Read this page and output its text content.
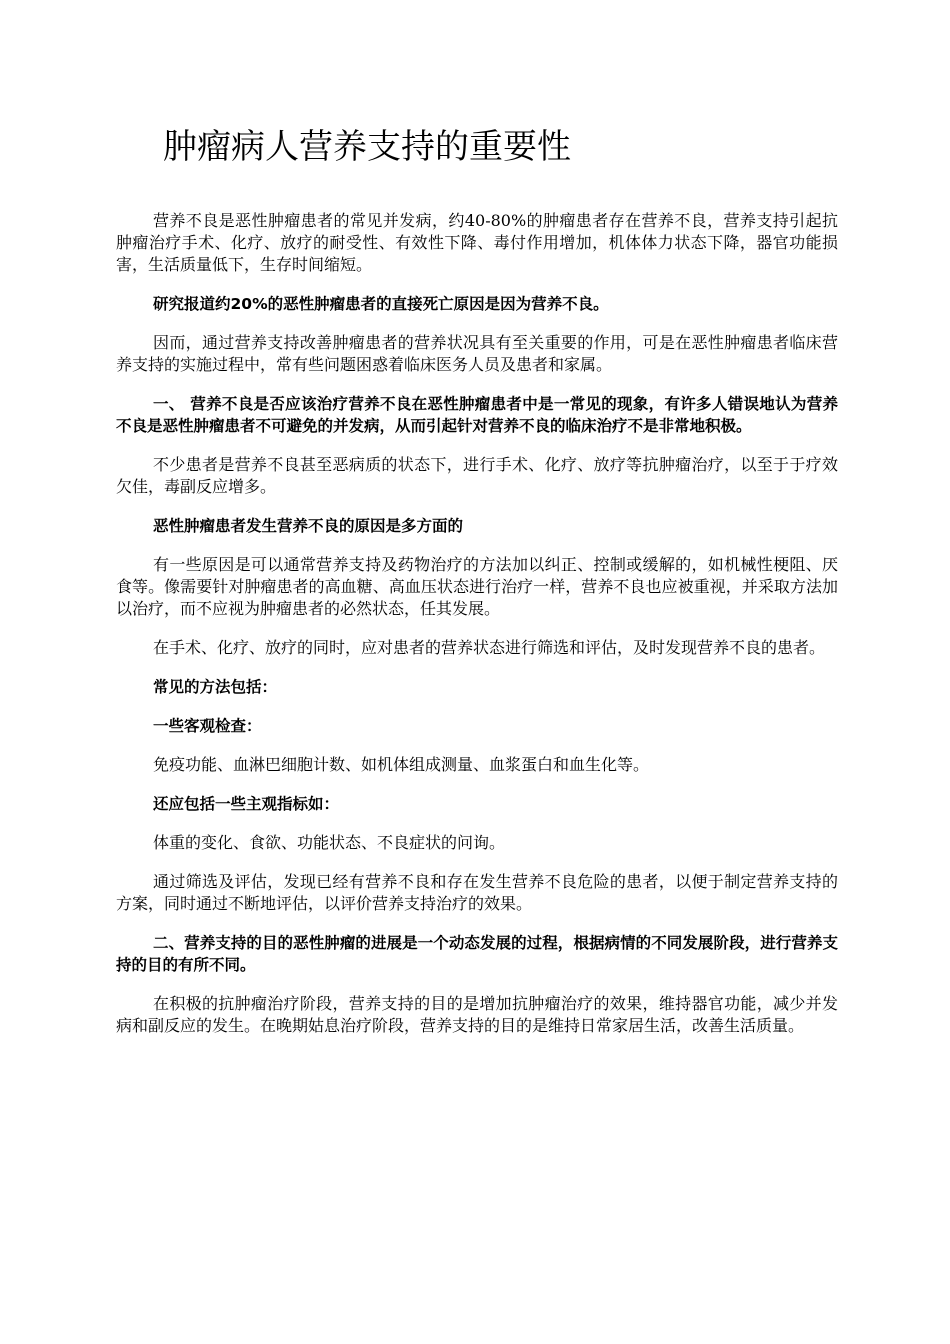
肿瘤病人营养支持的重要性

营养不良是恶性肿瘤患者的常见并发病，约40-80%的肿瘤患者存在营养不良，营养支持引起抗肿瘤治疗手术、化疗、放疗的耐受性、有效性下降、毒付作用增加，机体体力状态下降，器官功能损害，生活质量低下，生存时间缩短。

研究报道约20%的恶性肿瘤患者的直接死亡原因是因为营养不良。

因而，通过营养支持改善肿瘤患者的营养状况具有至关重要的作用，可是在恶性肿瘤患者临床营养支持的实施过程中，常有些问题困惑着临床医务人员及患者和家属。

一、 营养不良是否应该治疗营养不良在恶性肿瘤患者中是一常见的现象，有许多人错误地认为营养不良是恶性肿瘤患者不可避免的并发病，从而引起针对营养不良的临床治疗不是非常地积极。

不少患者是营养不良甚至恶病质的状态下，进行手术、化疗、放疗等抗肿瘤治疗，以至于于疗效欠佳，毒副反应增多。

恶性肿瘤患者发生营养不良的原因是多方面的

有一些原因是可以通常营养支持及药物治疗的方法加以纠正、控制或缓解的，如机械性梗阻、厌食等。像需要针对肿瘤患者的高血糖、高血压状态进行治疗一样，营养不良也应被重视，并采取方法加以治疗，而不应视为肿瘤患者的必然状态，任其发展。

在手术、化疗、放疗的同时，应对患者的营养状态进行筛选和评估，及时发现营养不良的患者。

常见的方法包括：

一些客观检查：

免疫功能、血淋巴细胞计数、如机体组成测量、血浆蛋白和血生化等。

还应包括一些主观指标如：

体重的变化、食欲、功能状态、不良症状的问询。

通过筛选及评估，发现已经有营养不良和存在发生营养不良危险的患者，以便于制定营养支持的方案，同时通过不断地评估，以评价营养支持治疗的效果。

二、营养支持的目的恶性肿瘤的进展是一个动态发展的过程，根据病情的不同发展阶段，进行营养支持的目的有所不同。

在积极的抗肿瘤治疗阶段，营养支持的目的是增加抗肿瘤治疗的效果，维持器官功能，减少并发病和副反应的发生。在晚期姑息治疗阶段，营养支持的目的是维持日常家居生活，改善生活质量。
